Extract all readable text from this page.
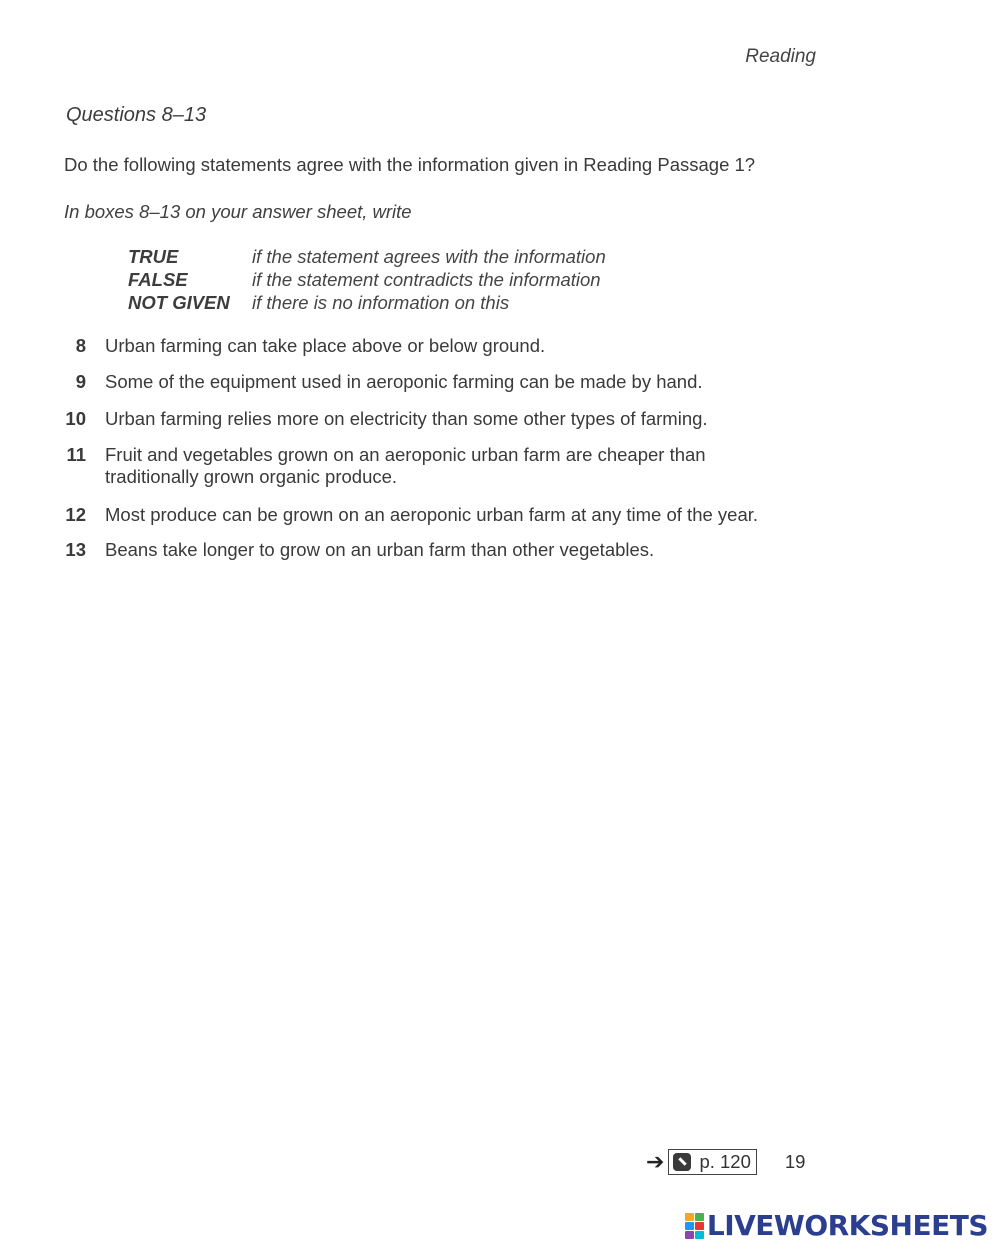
Reading
Questions 8–13
Do the following statements agree with the information given in Reading Passage 1?
In boxes 8–13 on your answer sheet, write
TRUE	if the statement agrees with the information
FALSE	if the statement contradicts the information
NOT GIVEN	if there is no information on this
8 Urban farming can take place above or below ground.
9 Some of the equipment used in aeroponic farming can be made by hand.
10 Urban farming relies more on electricity than some other types of farming.
11 Fruit and vegetables grown on an aeroponic urban farm are cheaper than
traditionally grown organic produce.
12 Most produce can be grown on an aeroponic urban farm at any time of the year.
13 Beans take longer to grow on an urban farm than other vegetables.
➔ p. 120 19
LIVEWORKSHEETS
